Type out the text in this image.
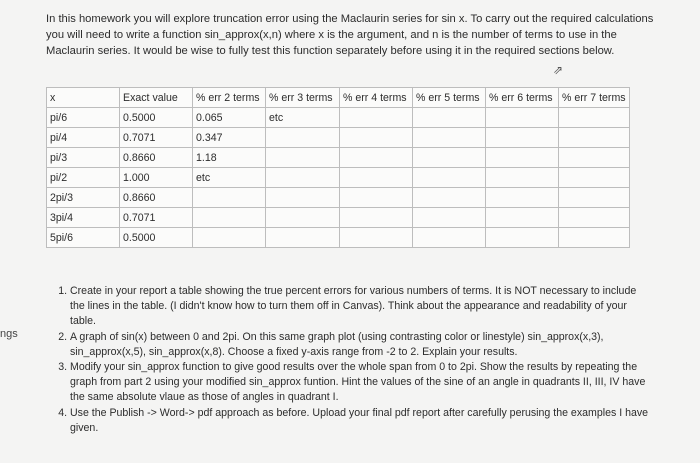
ngs

In this homework you will explore truncation error using the Maclaurin series for sin x. To carry out the required calculations you will need to write a function sin_approx(x,n) where x is the argument, and n is the number of terms to use in the Maclaurin series. It would be wise to fully test this function separately before using it in the required sections below.

⇗
x	Exact value	% err 2 terms	% err 3 terms	% err 4 terms	% err 5 terms	% err 6 terms	% err 7 terms
pi/6	0.5000	0.065	etc				
pi/4	0.7071	0.347					
pi/3	0.8660	1.18					
pi/2	1.000	etc					
2pi/3	0.8660						
3pi/4	0.7071						
5pi/6	0.5000						
1. Create in your report a table showing the true percent errors for various numbers of terms. It is NOT necessary to include the lines in the table. (I didn't know how to turn them off in Canvas). Think about the appearance and readability of your table.
2. A graph of sin(x) between 0 and 2pi. On this same graph plot (using contrasting color or linestyle) sin_approx(x,3), sin_approx(x,5), sin_approx(x,8). Choose a fixed y-axis range from -2 to 2. Explain your results.
3. Modify your sin_approx function to give good results over the whole span from 0 to 2pi. Show the results by repeating the graph from part 2 using your modified sin_approx funtion. Hint the values of the sine of an angle in quadrants II, III, IV have the same absolute vlaue as those of angles in quadrant I.
4. Use the Publish -> Word-> pdf approach as before. Upload your final pdf report after carefully perusing the examples I have given.
